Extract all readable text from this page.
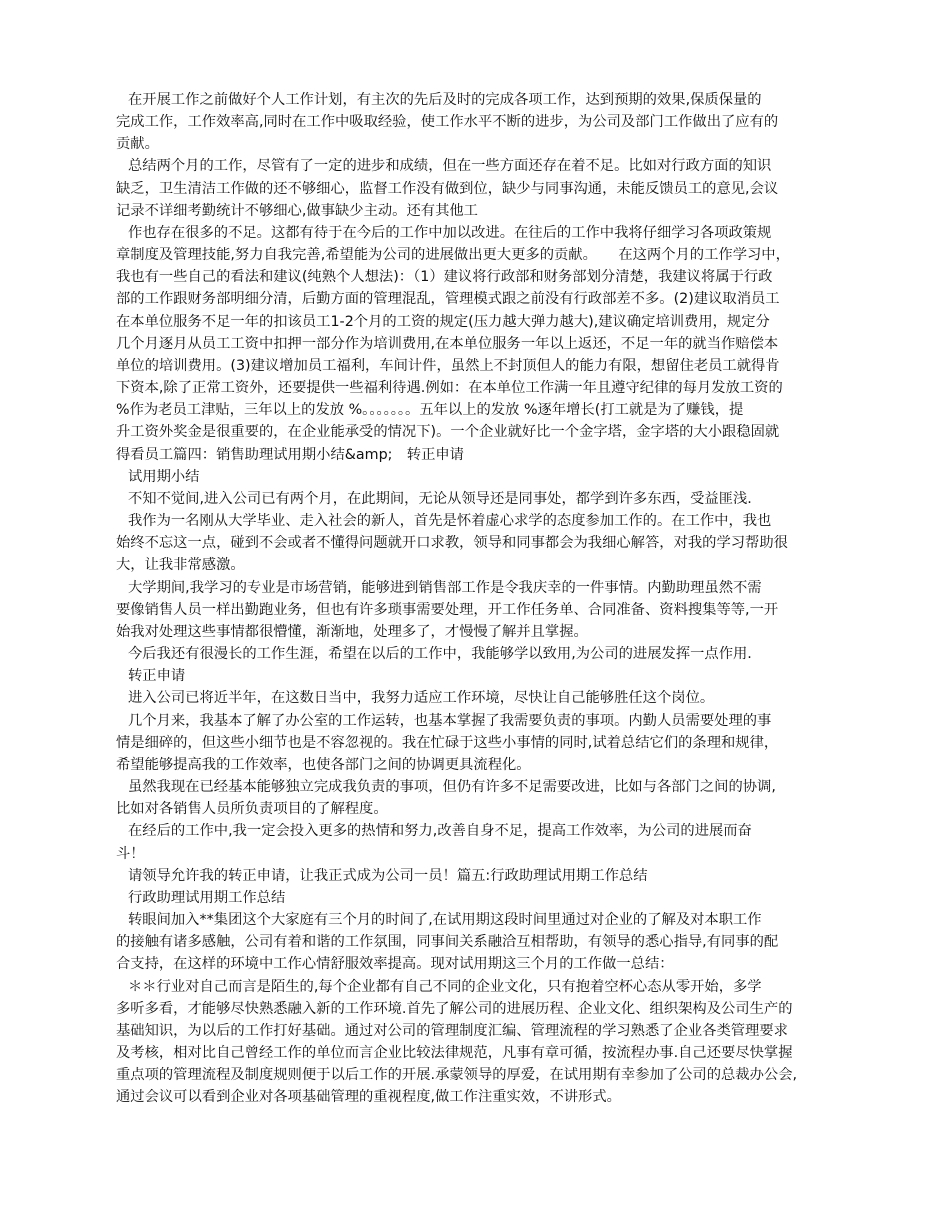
在开展工作之前做好个人工作计划，有主次的先后及时的完成各项工作，达到预期的效果,保质保量的
完成工作，工作效率高,同时在工作中吸取经验，使工作水平不断的进步，为公司及部门工作做出了应有的
贡献。
总结两个月的工作，尽管有了一定的进步和成绩，但在一些方面还存在着不足。比如对行政方面的知识
缺乏，卫生清洁工作做的还不够细心，监督工作没有做到位，缺少与同事沟通，未能反馈员工的意见,会议
记录不详细考勤统计不够细心,做事缺少主动。还有其他工
作也存在很多的不足。这都有待于在今后的工作中加以改进。在往后的工作中我将仔细学习各项政策规
章制度及管理技能,努力自我完善,希望能为公司的进展做出更大更多的贡献。　　在这两个月的工作学习中，
我也有一些自己的看法和建议(纯熟个人想法)：（1）建议将行政部和财务部划分清楚，我建议将属于行政
部的工作跟财务部明细分清，后勤方面的管理混乱，管理模式跟之前没有行政部差不多。(2)建议取消员工
在本单位服务不足一年的扣该员工1-2个月的工资的规定(压力越大弹力越大),建议确定培训费用，规定分
几个月逐月从员工工资中扣押一部分作为培训费用,在本单位服务一年以上返还，不足一年的就当作赔偿本
单位的培训费用。(3)建议增加员工福利，车间计件，虽然上不封顶但人的能力有限，想留住老员工就得肯
下资本,除了正常工资外，还要提供一些福利待遇.例如：在本单位工作满一年且遵守纪律的每月发放工资的
%作为老员工津贴，三年以上的发放 %。。。。。。。五年以上的发放 %逐年增长(打工就是为了赚钱，提
升工资外奖金是很重要的，在企业能承受的情况下)。一个企业就好比一个金字塔，金字塔的大小跟稳固就
得看员工篇四：销售助理试用期小结&amp;　转正申请
试用期小结
不知不觉间,进入公司已有两个月，在此期间，无论从领导还是同事处，都学到许多东西，受益匪浅.
我作为一名刚从大学毕业、走入社会的新人，首先是怀着虚心求学的态度参加工作的。在工作中，我也
始终不忘这一点，碰到不会或者不懂得问题就开口求教，领导和同事都会为我细心解答，对我的学习帮助很
大，让我非常感激。
大学期间,我学习的专业是市场营销，能够进到销售部工作是令我庆幸的一件事情。内勤助理虽然不需
要像销售人员一样出勤跑业务，但也有许多琐事需要处理，开工作任务单、合同准备、资料搜集等等,一开
始我对处理这些事情都很懵懂，渐渐地，处理多了，才慢慢了解并且掌握。
今后我还有很漫长的工作生涯，希望在以后的工作中，我能够学以致用,为公司的进展发挥一点作用.
转正申请
进入公司已将近半年，在这数日当中，我努力适应工作环境，尽快让自己能够胜任这个岗位。
几个月来，我基本了解了办公室的工作运转，也基本掌握了我需要负责的事项。内勤人员需要处理的事
情是细碎的，但这些小细节也是不容忽视的。我在忙碌于这些小事情的同时,试着总结它们的条理和规律，
希望能够提高我的工作效率，也使各部门之间的协调更具流程化。
虽然我现在已经基本能够独立完成我负责的事项，但仍有许多不足需要改进，比如与各部门之间的协调,
比如对各销售人员所负责项目的了解程度。
在经后的工作中,我一定会投入更多的热情和努力,改善自身不足，提高工作效率，为公司的进展而奋
斗！
请领导允许我的转正申请，让我正式成为公司一员！篇五:行政助理试用期工作总结
行政助理试用期工作总结
转眼间加入**集团这个大家庭有三个月的时间了,在试用期这段时间里通过对企业的了解及对本职工作
的接触有诸多感触，公司有着和谐的工作氛围，同事间关系融洽互相帮助，有领导的悉心指导,有同事的配
合支持，在这样的环境中工作心情舒服效率提高。现对试用期这三个月的工作做一总结：
＊＊行业对自己而言是陌生的,每个企业都有自己不同的企业文化，只有抱着空杯心态从零开始，多学
多听多看，才能够尽快熟悉融入新的工作环境.首先了解公司的进展历程、企业文化、组织架构及公司生产的
基础知识，为以后的工作打好基础。通过对公司的管理制度汇编、管理流程的学习熟悉了企业各类管理要求
及考核，相对比自己曾经工作的单位而言企业比较法律规范，凡事有章可循，按流程办事.自己还要尽快掌握
重点项的管理流程及制度规则便于以后工作的开展.承蒙领导的厚爱，在试用期有幸参加了公司的总裁办公会,
通过会议可以看到企业对各项基础管理的重视程度,做工作注重实效，不讲形式。
